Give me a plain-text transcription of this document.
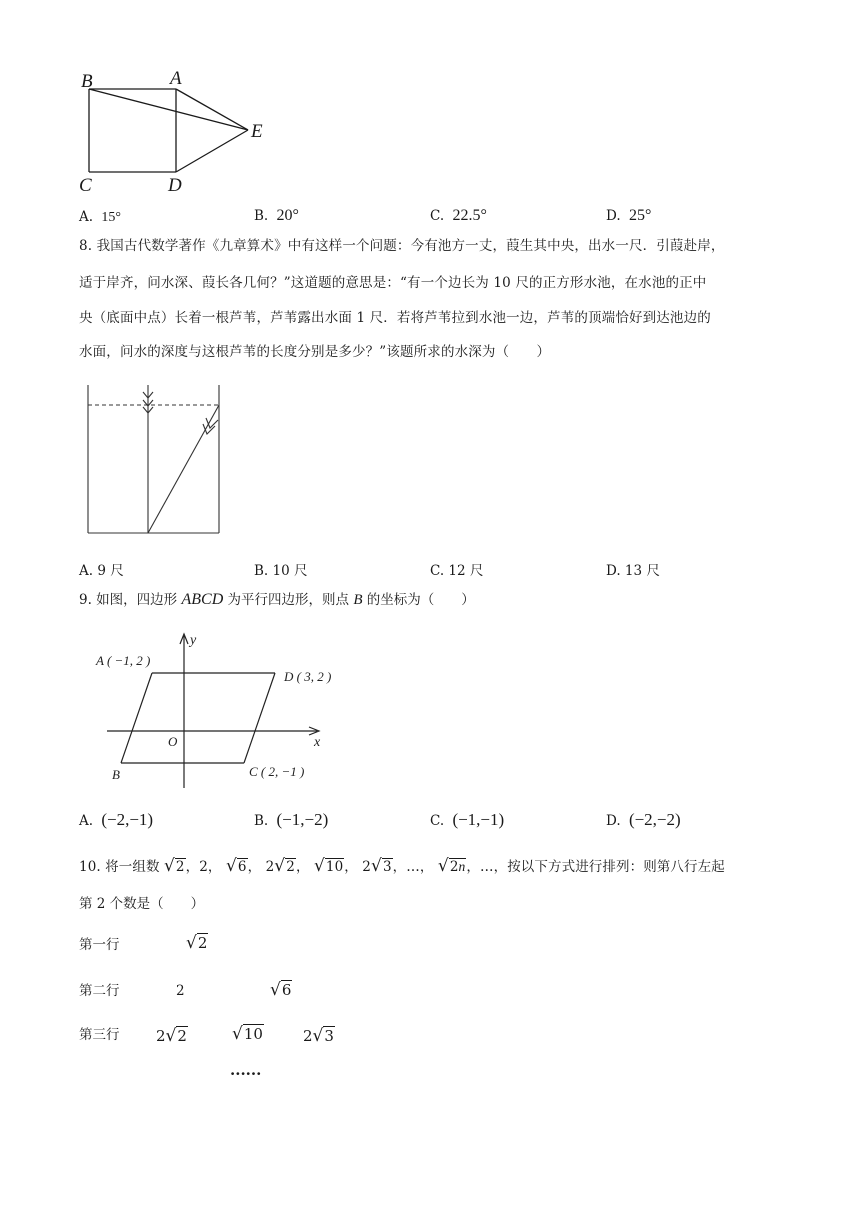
B	A
E
C	D
A. 15°	B. 20°	C. 22.5°	D. 25°
8. 我国古代数学著作《九章算术》中有这样一个问题：今有池方一丈，葭生其中央，出水一尺．引葭赴岸，
适于岸齐，问水深、葭长各几何？”这道题的意思是：“有一个边长为 10 尺的正方形水池，在水池的正中
央（底面中点）长着一根芦苇，芦苇露出水面 1 尺．若将芦苇拉到水池一边，芦苇的顶端恰好到达池边的
水面，问水的深度与这根芦苇的长度分别是多少？”该题所求的水深为（　　）
A. 9 尺	B. 10 尺	C. 12 尺	D. 13 尺
9. 如图，四边形 ABCD 为平行四边形，则点 B 的坐标为（　　）
y
x
O
A ( −1, 2 )
D ( 3, 2 )
C ( 2, −1 )
B
A. (−2,−1)	B. (−1,−2)	C. (−1,−1)	D. (−2,−2)
10. 将一组数 √2，2， √6， 2√2， √10， 2√3，…， √2n，…，按以下方式进行排列：则第八行左起
第 2 个数是（　　）
第一行	√2
第二行	2	√6
第三行 2√2	√10	2√3
......
